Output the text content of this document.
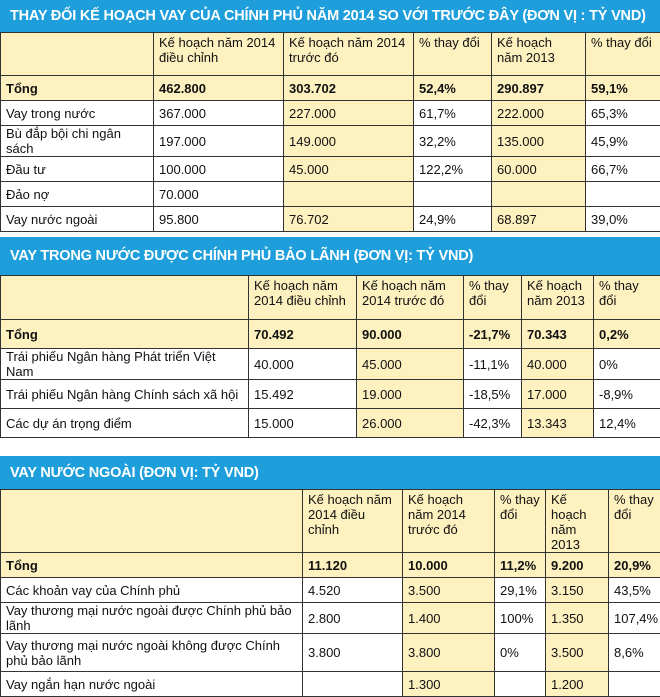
THAY ĐỔI KẾ HOẠCH VAY CỦA CHÍNH PHỦ NĂM 2014 SO VỚI TRƯỚC ĐÂY (ĐƠN VỊ : TỶ VND)
	Kế hoạch năm 2014 điều chỉnh	Kế hoạch năm 2014 trước đó	% thay đổi	Kế hoạch năm 2013	% thay đổi
Tổng	462.800	303.702	52,4%	290.897	59,1%
Vay trong nước	367.000	227.000	61,7%	222.000	65,3%
Bù đắp bội chi ngân sách	197.000	149.000	32,2%	135.000	45,9%
Đầu tư	100.000	45.000	122,2%	60.000	66,7%
Đảo nợ	70.000				
Vay nước ngoài	95.800	76.702	24,9%	68.897	39,0%
VAY TRONG NƯỚC ĐƯỢC CHÍNH PHỦ BẢO LÃNH (ĐƠN VỊ: TỶ VND)
	Kế hoạch năm 2014 điều chỉnh	Kế hoạch năm 2014 trước đó	% thay đổi	Kế hoạch năm 2013	% thay đổi
Tổng	70.492	90.000	-21,7%	70.343	0,2%
Trái phiếu Ngân hàng Phát triển Việt Nam	40.000	45.000	-11,1%	40.000	0%
Trái phiếu Ngân hàng Chính sách xã hội	15.492	19.000	-18,5%	17.000	-8,9%
Các dự án trọng điểm	15.000	26.000	-42,3%	13.343	12,4%
VAY NƯỚC NGOÀI (ĐƠN VỊ: TỶ VND)
	Kế hoạch năm 2014 điều chỉnh	Kế hoạch năm 2014 trước đó	% thay đổi	Kế hoạch năm 2013	% thay đổi
Tổng	11.120	10.000	11,2%	9.200	20,9%
Các khoản vay của Chính phủ	4.520	3.500	29,1%	3.150	43,5%
Vay thương mại nước ngoài được Chính phủ bảo lãnh	2.800	1.400	100%	1.350	107,4%
Vay thương mại nước ngoài không được Chính phủ bảo lãnh	3.800	3.800	0%	3.500	8,6%
Vay ngắn hạn nước ngoài		1.300		1.200	
